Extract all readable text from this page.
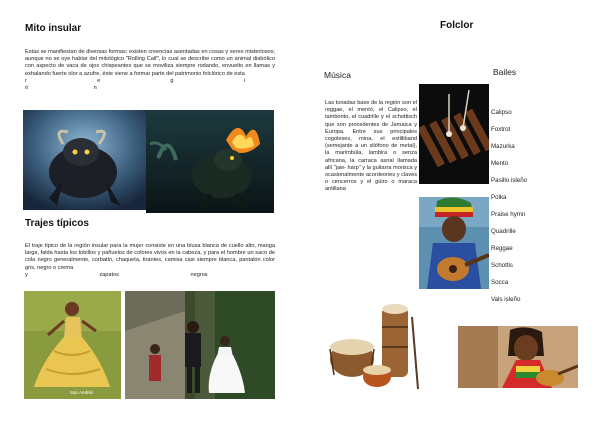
Mito insular
Estas se manifiestan de diversas formas; existen creencias asentadas en cosas y seres misteriosos; aunque no se oye hablar del mitológico "Rolling Calf", lo cual se describe como un animal diabólico con aspecto de vaca de ojos chispeantes que se moviliza siempre rodando, envuelto en llamas y exhalando fuerte olor a azufre, éste viene a formar parte del patrimonio folclórico de esta
r e g i ó n
Trajes típicos
El traje típico de la región insular para la mujer consiste en una blusa blanca de cuello alto, manga larga, falda hasta los tobillos y pañuelos de colores vivos en la cabeza, y para el hombre un saco de cola negro generalmente, corbatín, chaqueta, tirantes, camisa casi siempre blanca, pantalón color gris, negro o crema
y zapatos negros
San Andrés
Folclor
Música
Las tonadas base de la región son el reggae, el mentó, el Calipso, el tamborito, el cuadrille y el schottisch que son procedentes de Jamaica y Europa. Entre sus principales cogoleses, mina, el estilliband (semejante a un xilófono de metal), la marimbúla, lambira o senza africana, la carraca asnal llamada allí "jaw- harp" y la guitarra morisca y ocasionalmente acordeones y claves o cencerros y el güiro o maraca antillana
Bailes
Calipso
Foxtrot
Mazurka
Mento
Pasillo isleño
Polka
Praise hymn
Quadrille
Reggae
Schottis
Socca
Vals isleño
